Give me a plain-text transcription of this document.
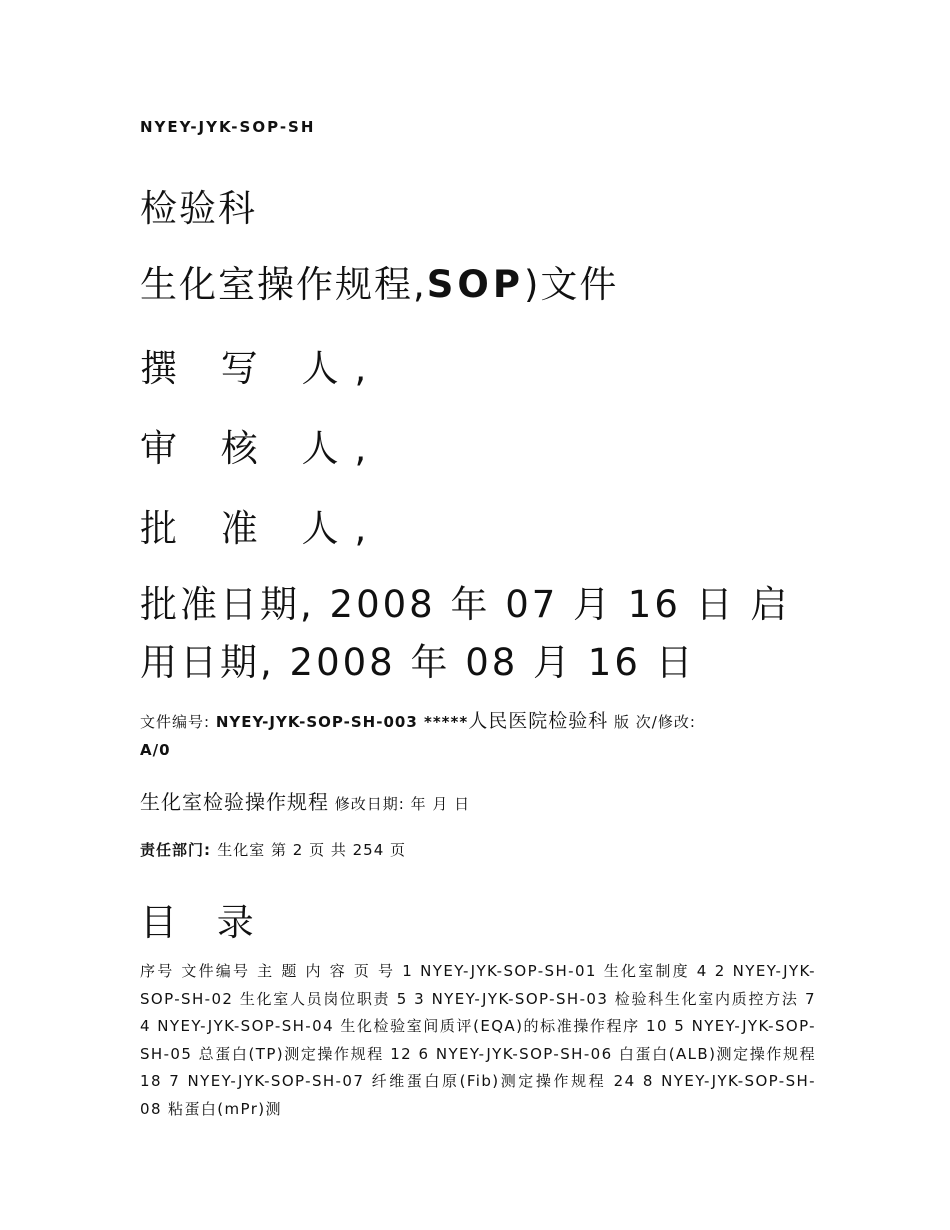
NYEY-JYK-SOP-SH
检验科
生化室操作规程,SOP)文件
撰 写 人,
审 核 人,
批 准 人,
批准日期, 2008 年 07 月 16 日 启用日期, 2008 年 08 月 16 日
文件编号: NYEY-JYK-SOP-SH-003 *****人民医院检验科 版 次/修改:
A/0
生化室检验操作规程 修改日期: 年 月 日
责任部门: 生化室 第 2 页 共 254 页
目 录
序号 文件编号 主 题 内 容 页 号 1 NYEY-JYK-SOP-SH-01 生化室制度 4 2 NYEY-JYK-SOP-SH-02 生化室人员岗位职责 5 3 NYEY-JYK-SOP-SH-03 检验科生化室内质控方法 7 4 NYEY-JYK-SOP-SH-04 生化检验室间质评(EQA)的标准操作程序 10 5 NYEY-JYK-SOP-SH-05 总蛋白(TP)测定操作规程 12 6 NYEY-JYK-SOP-SH-06 白蛋白(ALB)测定操作规程 18 7 NYEY-JYK-SOP-SH-07 纤维蛋白原(Fib)测定操作规程 24 8 NYEY-JYK-SOP-SH-08 粘蛋白(mPr)测
